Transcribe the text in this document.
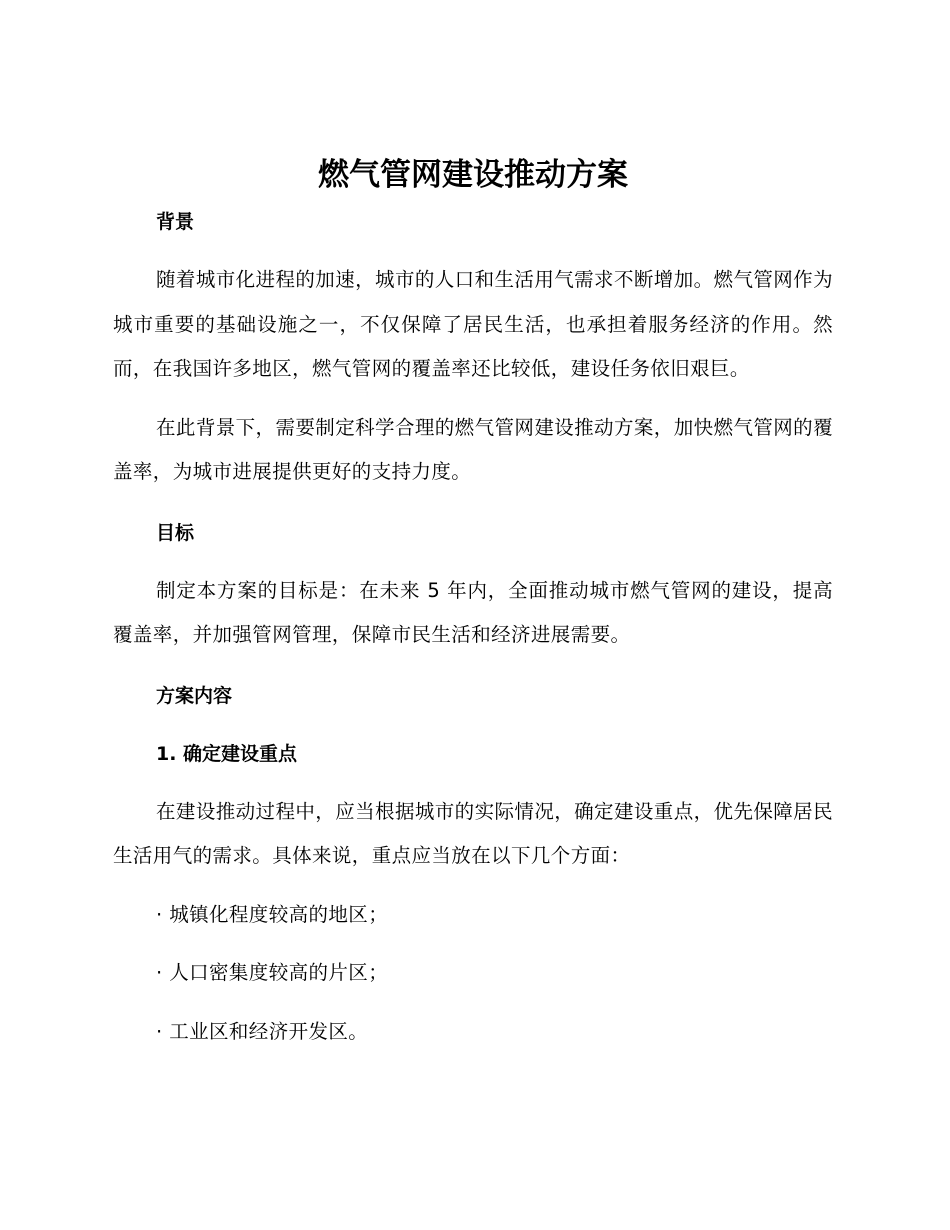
燃气管网建设推动方案
背景

随着城市化进程的加速，城市的人口和生活用气需求不断增加。燃气管网作为城市重要的基础设施之一，不仅保障了居民生活，也承担着服务经济的作用。然而，在我国许多地区，燃气管网的覆盖率还比较低，建设任务依旧艰巨。

在此背景下，需要制定科学合理的燃气管网建设推动方案，加快燃气管网的覆盖率，为城市进展提供更好的支持力度。

目标

制定本方案的目标是：在未来 5 年内，全面推动城市燃气管网的建设，提高覆盖率，并加强管网管理，保障市民生活和经济进展需要。

方案内容
1. 确定建设重点

在建设推动过程中，应当根据城市的实际情况，确定建设重点，优先保障居民生活用气的需求。具体来说，重点应当放在以下几个方面：

· 城镇化程度较高的地区；

· 人口密集度较高的片区；

· 工业区和经济开发区。
